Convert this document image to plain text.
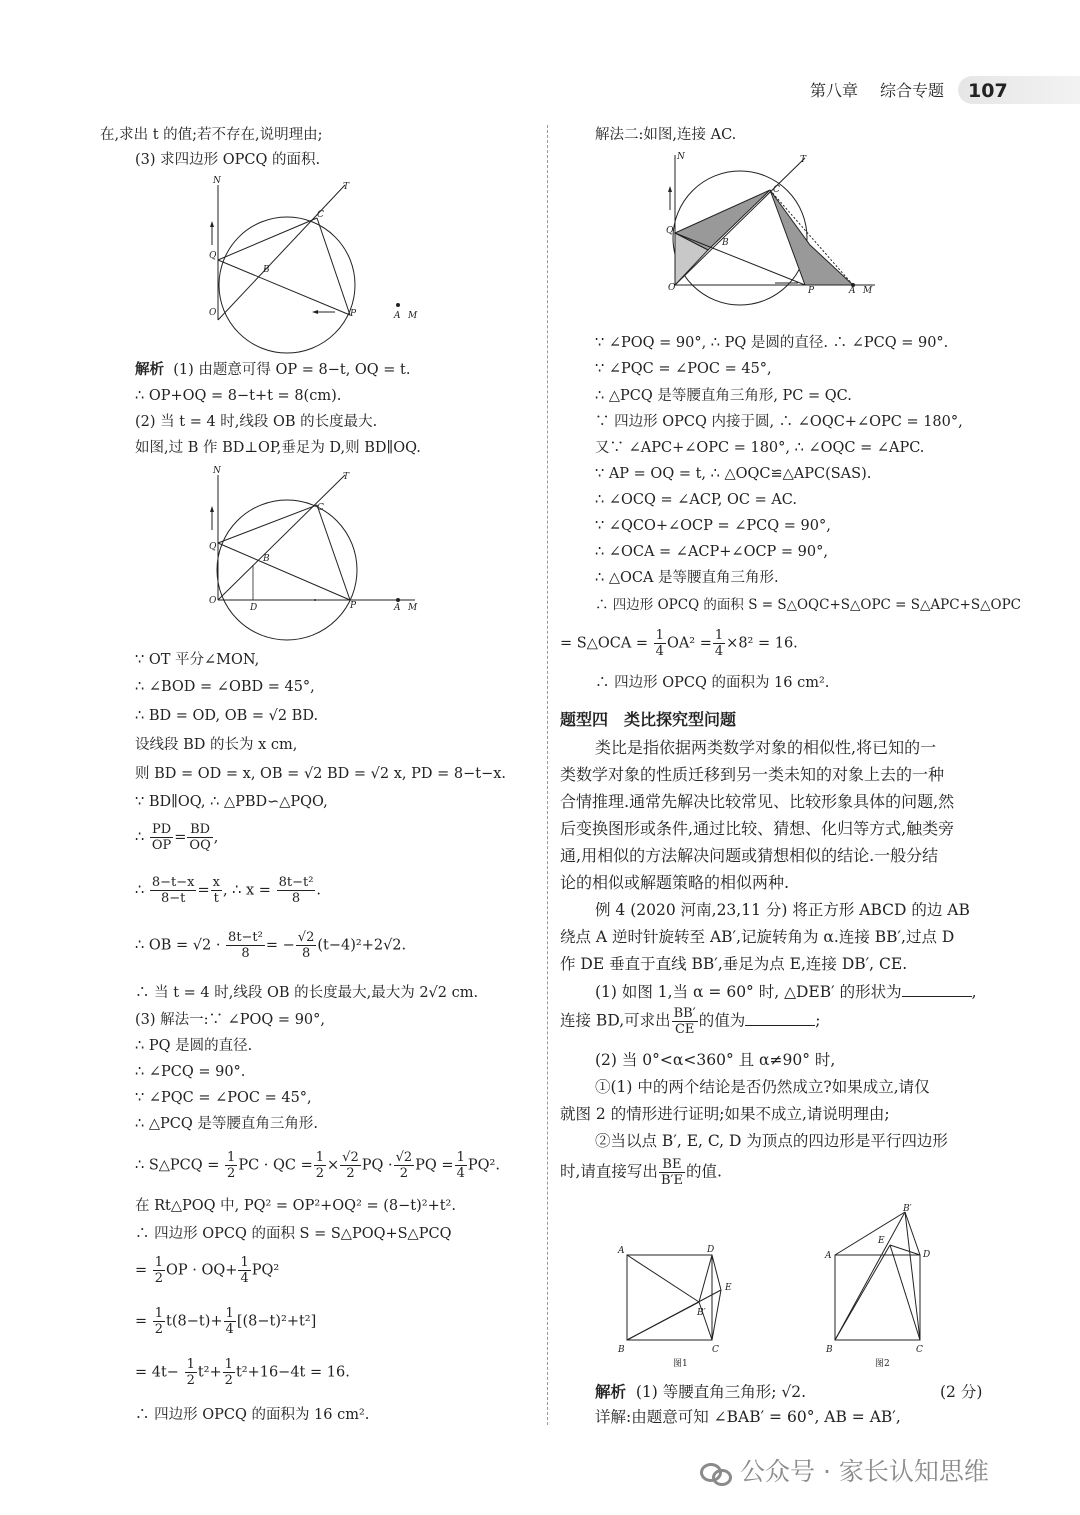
第八章 综合专题 107
在,求出 t 的值;若不存在,说明理由;
(3) 求四边形 OPCQ 的面积.
N
T
C
Q
B
O	P	A M
解析 (1) 由题意可得 OP = 8−t, OQ = t.
∴ OP+OQ = 8−t+t = 8(cm).
(2) 当 t = 4 时,线段 OB 的长度最大.
如图,过 B 作 BD⊥OP,垂足为 D,则 BD∥OQ.
N
T
C
Q
B
O
D	P	A M
∵ OT 平分∠MON,
∴ ∠BOD = ∠OBD = 45°,
∴ BD = OD, OB = √2 BD.
设线段 BD 的长为 x cm,
则 BD = OD = x, OB = √2 BD = √2 x, PD = 8−t−x.
∵ BD∥OQ, ∴ △PBD∽△PQO,
∴ $\frac{PD}{OP} = \frac{BD}{OQ}$ ,
∴ $\frac{8-t-x}{8-t} = \frac{x}{t}$ , ∴ $x = \frac{\text{8t−t²}}{8}$ .
∴ OB = $√2 \cdot \frac{\text{8t−t²}}{8}$ = − $\frac{√2}{8} (t-4)^2+2√2$.
∴ 当 t = 4 时,线段 OB 的长度最大,最大为 2√2 cm.
(3) 解法一:∵ ∠POQ = 90°,
∴ PQ 是圆的直径.
∴ ∠PCQ = 90°.
∵ ∠PQC = ∠POC = 45°,
∴ △PCQ 是等腰直角三角形.
∴ S△PCQ = $\frac{1}{2}$ PC · QC = $\frac{1}{2} \times \frac{√2}{2}$ PQ · $\frac{√2}{2}$ PQ = $\frac{1}{4} PQ^2$.
在 Rt△POQ 中, PQ² = OP²+OQ² = (8−t)²+t².
∴ 四边形 OPCQ 的面积 S = S△POQ+S△PCQ
= $\frac{1}{2}$ OP · $OQ+ \frac{1}{4} PQ^2$
= $\frac{1}{2} t(8-t)+ \frac{1}{4} [(8-t)^2+t^2]$
= $4t- \frac{1}{2} t^2+ \frac{1}{2} t^2+16-4t = 16$.
∴ 四边形 OPCQ 的面积为 16 cm².
解法二:如图,连接 AC.
N	T
C
Q
B
O	P	A M
∵ ∠POQ = 90°, ∴ PQ 是圆的直径. ∴ ∠PCQ = 90°.
∵ ∠PQC = ∠POC = 45°,
∴ △PCQ 是等腰直角三角形, PC = QC.
∵ 四边形 OPCQ 内接于圆, ∴ ∠OQC+∠OPC = 180°,
又∵ ∠APC+∠OPC = 180°, ∴ ∠OQC = ∠APC.
∵ AP = OQ = t, ∴ △OQC≌△APC(SAS).
∴ ∠OCQ = ∠ACP, OC = AC.
∵ ∠QCO+∠OCP = ∠PCQ = 90°,
∴ ∠OCA = ∠ACP+∠OCP = 90°,
∴ △OCA 是等腰直角三角形.
∴ 四边形 OPCQ 的面积 S = S△OQC+S△OPC = S△APC+S△OPC
= S△OCA = $\frac{1}{4} OA^2 = \frac{1}{4} \times 8^2 = 16$.
∴ 四边形 OPCQ 的面积为 16 cm².
题型四　类比探究型问题
类比是指依据两类数学对象的相似性,将已知的一
类数学对象的性质迁移到另一类未知的对象上去的一种
合情推理.通常先解决比较常见、比较形象具体的问题,然
后变换图形或条件,通过比较、猜想、化归等方式,触类旁
通,用相似的方法解决问题或猜想相似的结论.一般分结
论的相似或解题策略的相似两种.
例 4 (2020 河南,23,11 分) 将正方形 ABCD 的边 AB
绕点 A 逆时针旋转至 AB′,记旋转角为 α.连接 BB′,过点 D
作 DE 垂直于直线 BB′,垂足为点 E,连接 DB′, CE.
(1) 如图 1,当 α = 60° 时, △DEB′ 的形状为	,
连接 BD,可求出 $\frac{BB'}{CE}$ 的值为	;
(2) 当 0°<α<360° 且 α≠90° 时,
①(1) 中的两个结论是否仍然成立?如果成立,请仅
就图 2 的情形进行证明;如果不成立,请说明理由;
②当以点 B′, E, C, D 为顶点的四边形是平行四边形
时,请直接写出 $\frac{BE}{B'E}$ 的值.
A	D
E
B′
B	C
图1
B′
E
A	D
B	C
图2
解析 (1) 等腰直角三角形; √2.	(2 分)
详解:由题意可知 ∠BAB′ = 60°, AB = AB′,
公众号 · 家长认知思维
